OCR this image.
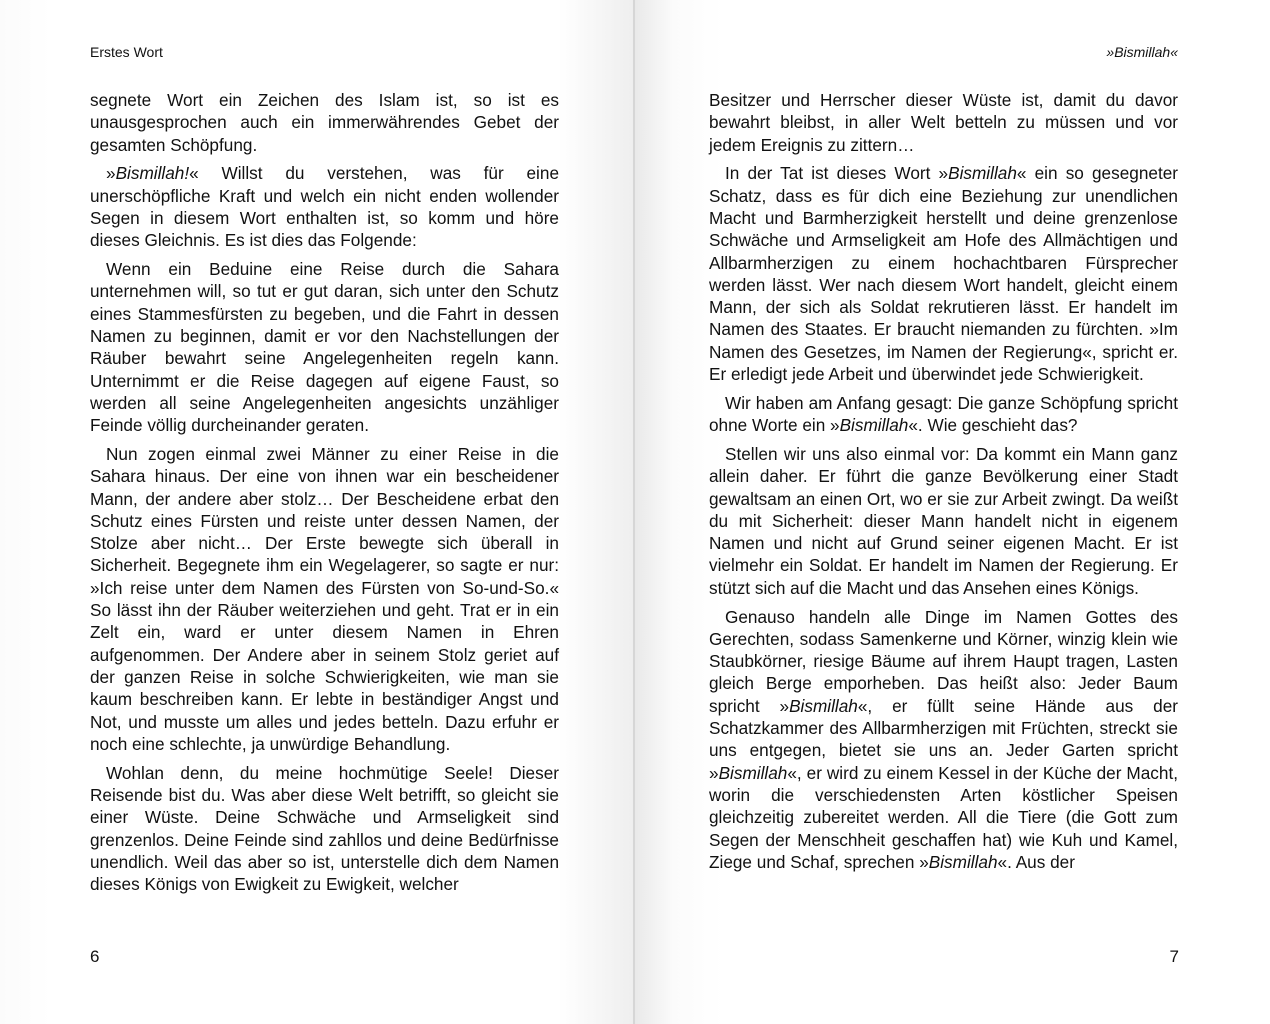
Erstes Wort

segnete Wort ein Zeichen des Islam ist, so ist es unausgesprochen auch ein immerwährendes Gebet der gesamten Schöpfung.

»Bismillah!« Willst du verstehen, was für eine unerschöpfliche Kraft und welch ein nicht enden wollender Segen in diesem Wort enthalten ist, so komm und höre dieses Gleichnis. Es ist dies das Folgende:

Wenn ein Beduine eine Reise durch die Sahara unternehmen will, so tut er gut daran, sich unter den Schutz eines Stammesfürsten zu begeben, und die Fahrt in dessen Namen zu beginnen, damit er vor den Nachstellungen der Räuber bewahrt seine Angelegenheiten regeln kann. Unternimmt er die Reise dagegen auf eigene Faust, so werden all seine Angelegenheiten angesichts unzähliger Feinde völlig durcheinander geraten.

Nun zogen einmal zwei Männer zu einer Reise in die Sahara hinaus. Der eine von ihnen war ein bescheidener Mann, der andere aber stolz… Der Bescheidene erbat den Schutz eines Fürsten und reiste unter dessen Namen, der Stolze aber nicht… Der Erste bewegte sich überall in Sicherheit. Begegnete ihm ein Wegelagerer, so sagte er nur: »Ich reise unter dem Namen des Fürsten von So-und-So.« So lässt ihn der Räuber weiterziehen und geht. Trat er in ein Zelt ein, ward er unter diesem Namen in Ehren aufgenommen. Der Andere aber in seinem Stolz geriet auf der ganzen Reise in solche Schwierigkeiten, wie man sie kaum beschreiben kann. Er lebte in beständiger Angst und Not, und musste um alles und jedes betteln. Dazu erfuhr er noch eine schlechte, ja unwürdige Behandlung.

Wohlan denn, du meine hochmütige Seele! Dieser Reisende bist du. Was aber diese Welt betrifft, so gleicht sie einer Wüste. Deine Schwäche und Armseligkeit sind grenzenlos. Deine Feinde sind zahllos und deine Bedürfnisse unendlich. Weil das aber so ist, unterstelle dich dem Namen dieses Königs von Ewigkeit zu Ewigkeit, welcher

6
»Bismillah«

Besitzer und Herrscher dieser Wüste ist, damit du davor bewahrt bleibst, in aller Welt betteln zu müssen und vor jedem Ereignis zu zittern…

In der Tat ist dieses Wort »Bismillah« ein so gesegneter Schatz, dass es für dich eine Beziehung zur unendlichen Macht und Barmherzigkeit herstellt und deine grenzenlose Schwäche und Armseligkeit am Hofe des Allmächtigen und Allbarmherzigen zu einem hochachtbaren Fürsprecher werden lässt. Wer nach diesem Wort handelt, gleicht einem Mann, der sich als Soldat rekrutieren lässt. Er handelt im Namen des Staates. Er braucht niemanden zu fürchten. »Im Namen des Gesetzes, im Namen der Regierung«, spricht er. Er erledigt jede Arbeit und überwindet jede Schwierigkeit.

Wir haben am Anfang gesagt: Die ganze Schöpfung spricht ohne Worte ein »Bismillah«. Wie geschieht das?

Stellen wir uns also einmal vor: Da kommt ein Mann ganz allein daher. Er führt die ganze Bevölkerung einer Stadt gewaltsam an einen Ort, wo er sie zur Arbeit zwingt. Da weißt du mit Sicherheit: dieser Mann handelt nicht in eigenem Namen und nicht auf Grund seiner eigenen Macht. Er ist vielmehr ein Soldat. Er handelt im Namen der Regierung. Er stützt sich auf die Macht und das Ansehen eines Königs.

Genauso handeln alle Dinge im Namen Gottes des Gerechten, sodass Samenkerne und Körner, winzig klein wie Staubkörner, riesige Bäume auf ihrem Haupt tragen, Lasten gleich Berge emporheben. Das heißt also: Jeder Baum spricht »Bismillah«, er füllt seine Hände aus der Schatzkammer des Allbarmherzigen mit Früchten, streckt sie uns entgegen, bietet sie uns an. Jeder Garten spricht »Bismillah«, er wird zu einem Kessel in der Küche der Macht, worin die verschiedensten Arten köstlicher Speisen gleichzeitig zubereitet werden. All die Tiere (die Gott zum Segen der Menschheit geschaffen hat) wie Kuh und Kamel, Ziege und Schaf, sprechen »Bismillah«. Aus der

7
